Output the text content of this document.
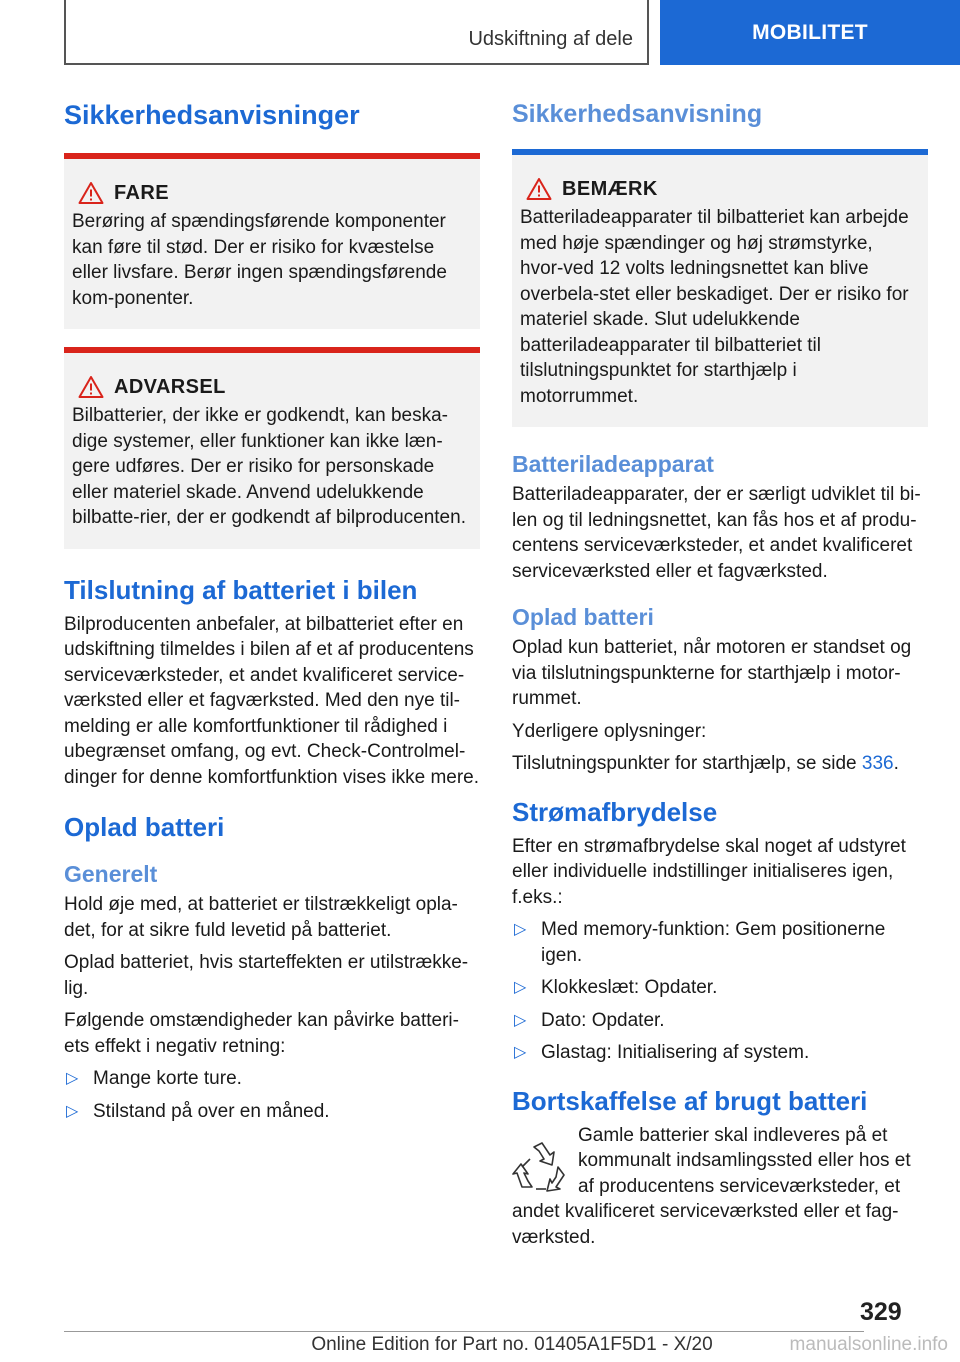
Udskiftning af dele	MOBILITET
Sikkerhedsanvisninger
FARE

Berøring af spændingsførende komponenter kan føre til stød. Der er risiko for kvæstelse eller livsfare. Berør ingen spændingsførende kom-ponenter.

ADVARSEL

Bilbatterier, der ikke er godkendt, kan beska-dige systemer, eller funktioner kan ikke læn-gere udføres. Der er risiko for personskade eller materiel skade. Anvend udelukkende bilbatte-rier, der er godkendt af bilproducenten.

Tilslutning af batteriet i bilen

Bilproducenten anbefaler, at bilbatteriet efter en udskiftning tilmeldes i bilen af et af producentens serviceværksteder, et andet kvalificeret service-værksted eller et fagværksted. Med den nye til-melding er alle komfortfunktioner til rådighed i ubegrænset omfang, og evt. Check-Controlmel-dinger for denne komfortfunktion vises ikke mere.

Oplad batteri
Generelt

Hold øje med, at batteriet er tilstrækkeligt opla-det, for at sikre fuld levetid på batteriet.

Oplad batteriet, hvis starteffekten er utilstrække-lig.

Følgende omstændigheder kan påvirke batteri-ets effekt i negativ retning:

▷ Mange korte ture.
▷ Stilstand på over en måned.
Sikkerhedsanvisning
BEMÆRK

Batteriladeapparater til bilbatteriet kan arbejde med høje spændinger og høj strømstyrke, hvor-ved 12 volts ledningsnettet kan blive overbela-stet eller beskadiget. Der er risiko for materiel skade. Slut udelukkende batteriladeapparater til bilbatteriet til tilslutningspunktet for starthjælp i motorrummet.

Batteriladeapparat

Batteriladeapparater, der er særligt udviklet til bi-len og til ledningsnettet, kan fås hos et af produ-centens serviceværksteder, et andet kvalificeret serviceværksted eller et fagværksted.

Oplad batteri

Oplad kun batteriet, når motoren er standset og via tilslutningspunkterne for starthjælp i motor-rummet.

Yderligere oplysninger:

Tilslutningspunkter for starthjælp, se side 336.

Strømafbrydelse

Efter en strømafbrydelse skal noget af udstyret eller individuelle indstillinger initialiseres igen, f.eks.:

▷ Med memory-funktion: Gem positionerne igen.
▷ Klokkeslæt: Opdater.
▷ Dato: Opdater.
▷ Glastag: Initialisering af system.
Bortskaffelse af brugt batteri

Gamle batterier skal indleveres på et kommunalt indsamlingssted eller hos et af producentens serviceværksteder, et

andet kvalificeret serviceværksted eller et fag-værksted.

329
Online Edition for Part no. 01405A1F5D1 - X/20	manualsonline.info
